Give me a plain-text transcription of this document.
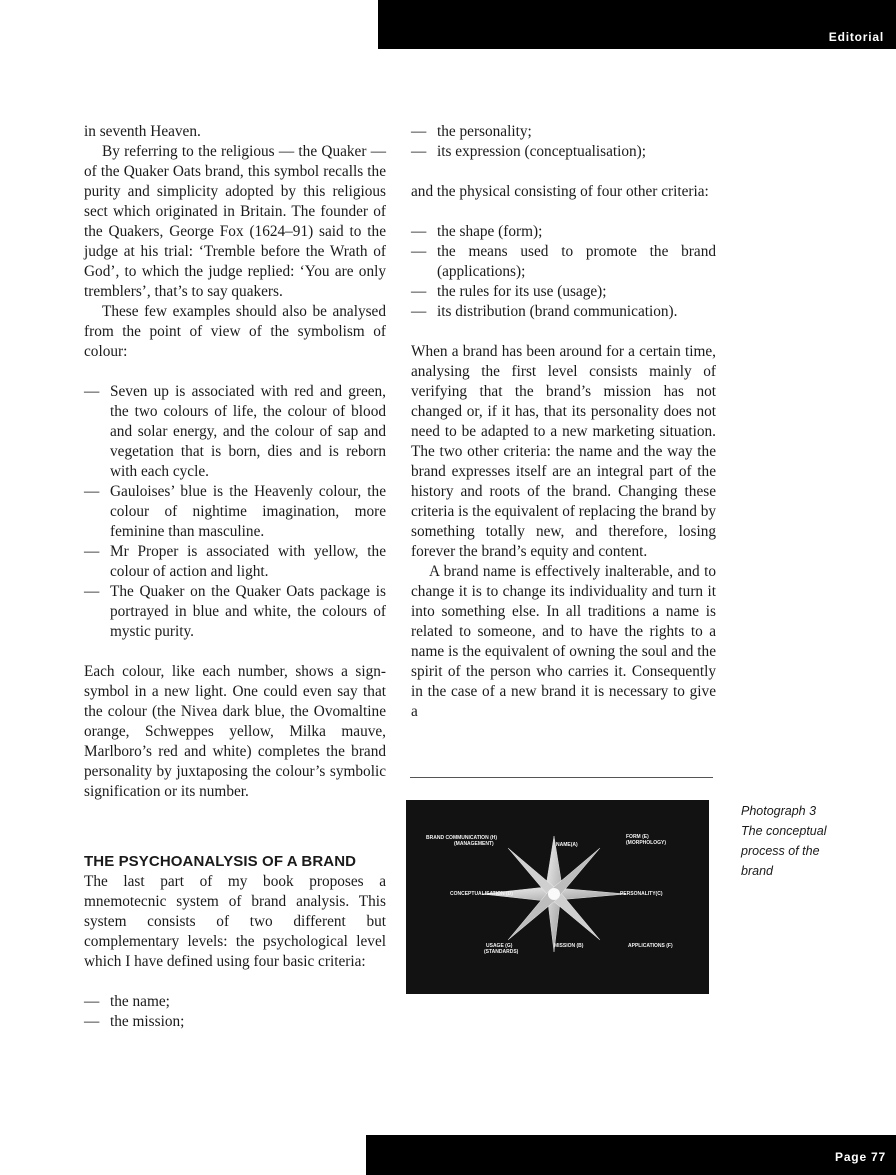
Editorial

in seventh Heaven.

By referring to the religious — the Quaker — of the Quaker Oats brand, this symbol recalls the purity and simplicity adopted by this religious sect which originated in Britain. The founder of the Quakers, George Fox (1624–91) said to the judge at his trial: ‘Tremble before the Wrath of God’, to which the judge replied: ‘You are only tremblers’, that’s to say quakers.

These few examples should also be analysed from the point of view of the symbolism of colour:

— Seven up is associated with red and green, the two colours of life, the colour of blood and solar energy, and the colour of sap and vegetation that is born, dies and is reborn with each cycle.
— Gauloises’ blue is the Heavenly colour, the colour of nightime imagination, more feminine than masculine.
— Mr Proper is associated with yellow, the colour of action and light.
— The Quaker on the Quaker Oats package is portrayed in blue and white, the colours of mystic purity.

Each colour, like each number, shows a sign-symbol in a new light. One could even say that the colour (the Nivea dark blue, the Ovomaltine orange, Schweppes yellow, Milka mauve, Marlboro’s red and white) completes the brand personality by juxtaposing the colour’s symbolic signification or its number.

THE PSYCHOANALYSIS OF A BRAND

The last part of my book proposes a mnemotecnic system of brand analysis. This system consists of two different but complementary levels: the psychological level which I have defined using four basic criteria:

— the name;
— the mission;
— the personality;
— its expression (conceptualisation);

and the physical consisting of four other criteria:

— the shape (form);
— the means used to promote the brand (applications);
— the rules for its use (usage);
— its distribution (brand communication).

When a brand has been around for a certain time, analysing the first level consists mainly of verifying that the brand’s mission has not changed or, if it has, that its personality does not need to be adapted to a new marketing situation. The two other criteria: the name and the way the brand expresses itself are an integral part of the history and roots of the brand. Changing these criteria is the equivalent of replacing the brand by something totally new, and therefore, losing forever the brand’s equity and content.

A brand name is effectively inalterable, and to change it is to change its individuality and turn it into something else. In all traditions a name is related to someone, and to have the rights to a name is the equivalent of owning the soul and the spirit of the person who carries it. Consequently in the case of a new brand it is necessary to give a

BRAND COMMUNICATION (H)
(MANAGEMENT)	NAME(A)
FORM (E)
(MORPHOLOGY)
CONCEPTUALISATION (D)	PERSONALITY(C)
USAGE (G)
(STANDARDS)
MISSION (B)	APPLICATIONS (F)
Photograph 3
The conceptual
process of the
brand
Page 77
